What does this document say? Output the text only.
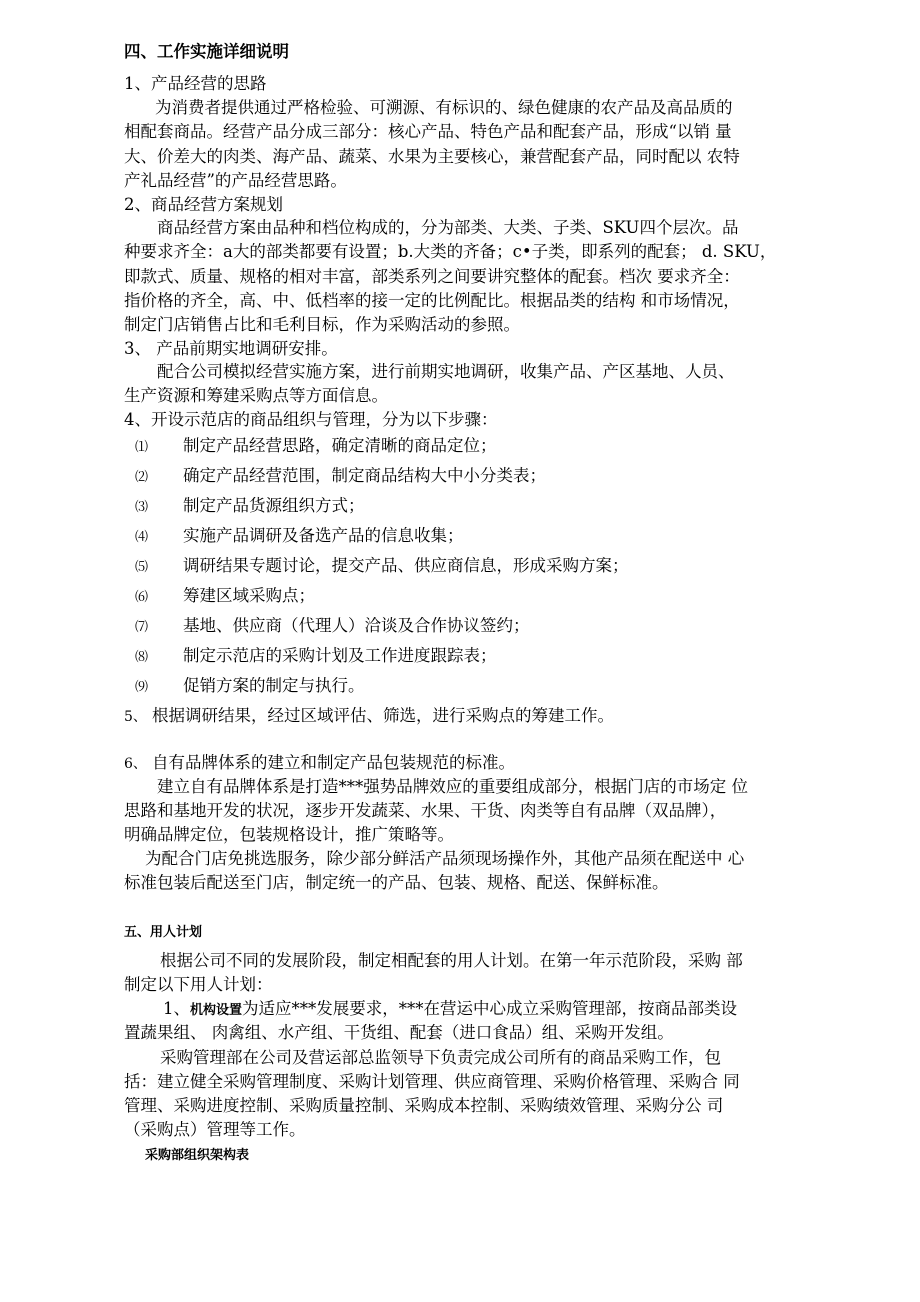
四、工作实施详细说明
1、产品经营的思路
为消费者提供通过严格检验、可溯源、有标识的、绿色健康的农产品及高品质的
相配套商品。经营产品分成三部分：核心产品、特色产品和配套产品，形成“以销 量
大、价差大的肉类、海产品、蔬菜、水果为主要核心，兼营配套产品，同时配以 农特
产礼品经营”的产品经营思路。
2、商品经营方案规划
商品经营方案由品种和档位构成的，分为部类、大类、子类、SKU四个层次。品
种要求齐全：a大的部类都要有设置；b.大类的齐备；c•子类，即系列的配套； d. SKU，
即款式、质量、规格的相对丰富，部类系列之间要讲究整体的配套。档次 要求齐全：
指价格的齐全，高、中、低档率的接一定的比例配比。根据品类的结构 和市场情况，
制定门店销售占比和毛利目标，作为采购活动的参照。
3、 产品前期实地调研安排。
配合公司模拟经营实施方案，进行前期实地调研，收集产品、产区基地、人员、
生产资源和筹建采购点等方面信息。
4、开设示范店的商品组织与管理，分为以下步骤：
⑴ 制定产品经营思路，确定清晰的商品定位；
⑵ 确定产品经营范围，制定商品结构大中小分类表；
⑶ 制定产品货源组织方式；
⑷ 实施产品调研及备选产品的信息收集；
⑸ 调研结果专题讨论，提交产品、供应商信息，形成采购方案；
⑹ 筹建区域采购点；
⑺ 基地、供应商（代理人）洽谈及合作协议签约；
⑻ 制定示范店的采购计划及工作进度跟踪表；
⑼ 促销方案的制定与执行。
5、 根据调研结果，经过区域评估、筛选，进行采购点的筹建工作。
6、 自有品牌体系的建立和制定产品包装规范的标准。
建立自有品牌体系是打造***强势品牌效应的重要组成部分，根据门店的市场定 位
思路和基地开发的状况，逐步开发蔬菜、水果、干货、肉类等自有品牌（双品牌），
明确品牌定位，包装规格设计，推广策略等。
为配合门店免挑选服务，除少部分鲜活产品须现场操作外，其他产品须在配送中 心
标准包装后配送至门店，制定统一的产品、包装、规格、配送、保鲜标准。
五、用人计划
根据公司不同的发展阶段，制定相配套的用人计划。在第一年示范阶段，采购 部
制定以下用人计划：
1、机构设置为适应***发展要求，***在营运中心成立采购管理部，按商品部类设
置蔬果组、 肉禽组、水产组、干货组、配套（进口食品）组、采购开发组。
采购管理部在公司及营运部总监领导下负责完成公司所有的商品采购工作，包
括：建立健全采购管理制度、采购计划管理、供应商管理、采购价格管理、采购合 同
管理、采购进度控制、采购质量控制、采购成本控制、采购绩效管理、采购分公 司
（采购点）管理等工作。
采购部组织架构表
